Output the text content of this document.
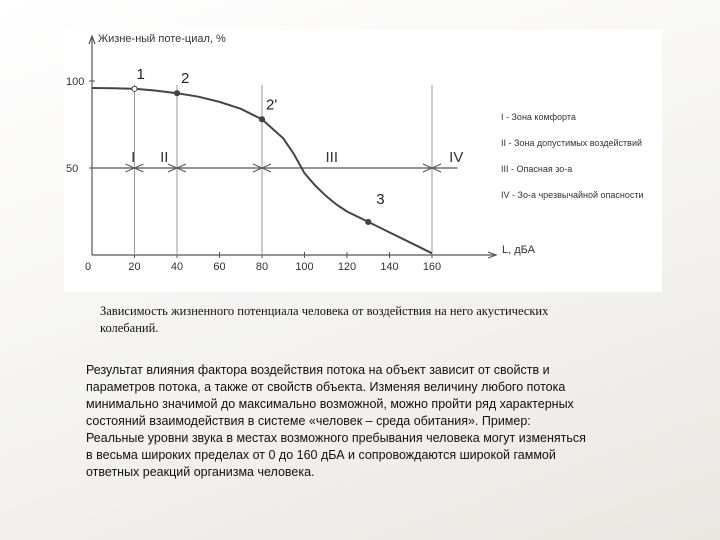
Жизне-ный поте-циал, %
L, дБА
0	20	40	60	80 100 120 140 160
100
50
I II	III	IV
1 2
2'
3
I - Зона комфорта
II - Зона допустимых воздействий
III - Опасная зо-а
IV - Зо-а чрезвычайной опасности
Зависимость жизненного потенциала человека от воздействия на него акустических колебаний.
Результат влияния фактора воздействия потока на объект зависит от свойств и параметров потока, а также от свойств объекта. Изменяя величину любого потока минимально значимой до максимально возможной, можно пройти ряд характерных состояний взаимодействия в системе «человек – среда обитания». Пример: Реальные уровни звука в местах возможного пребывания человека могут изменяться в весьма широких пределах от 0 до 160 дБА и сопровождаются широкой гаммой ответных реакций организма человека.
